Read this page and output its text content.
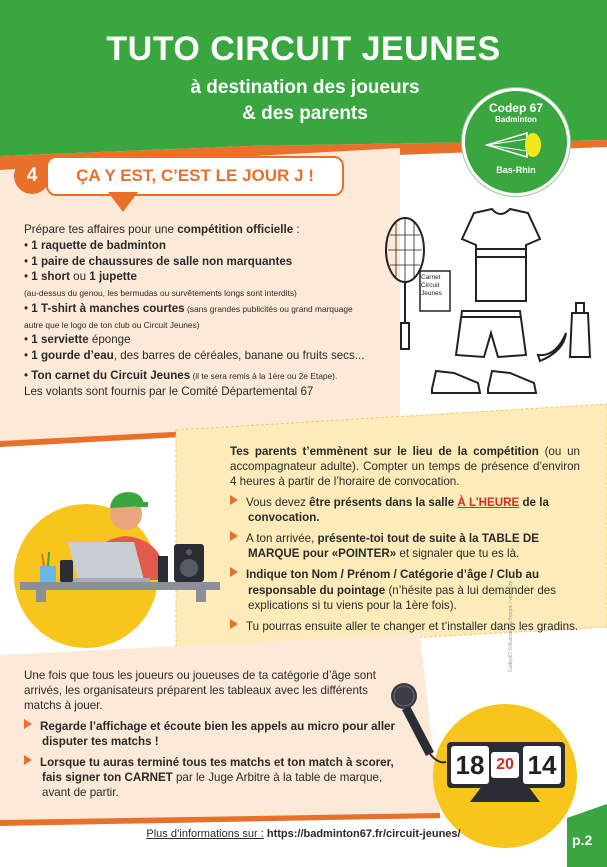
TUTO CIRCUIT JEUNES
à destination des joueurs
& des parents	Codep 67
Badminton
Bas-Rhin
4	ÇA Y EST, C’EST LE JOUR J !
Prépare tes affaires pour une compétition officielle :
• 1 raquette de badminton
• 1 paire de chaussures de salle non marquantes
• 1 short ou 1 jupette
(au-dessus du genou, les bermudas ou survêtements longs sont interdits)
• 1 T-shirt à manches courtes (sans grandes publicités ou grand marquage autre que le logo de ton club ou Circuit Jeunes)
• 1 serviette éponge
• 1 gourde d’eau, des barres de céréales, banane ou fruits secs...
• Ton carnet du Circuit Jeunes (il te sera remis à la 1ère ou 2e Etape).
Les volants sont fournis par le Comité Départemental 67
Carnet
Circuit
Jeunes
Tes parents t’emmènent sur le lieu de la compétition (ou un accompagnateur adulte). Compter un temps de présence d’environ 4 heures à partir de l’horaire de convocation.
Vous devez être présents dans la salle À L’HEURE de la convocation.
A ton arrivée, présente-toi tout de suite à la TABLE DE MARQUE pour «POINTER» et signaler que tu es là.
Indique ton Nom / Prénom / Catégorie d’âge / Club au responsable du pointage (n’hésite pas à lui demander des explications si tu viens pour la 1ère fois).
Tu pourras ensuite aller te changer et t’installer dans les gradins.
Une fois que tous les joueurs ou joueuses de ta catégorie d’âge sont arrivés, les organisateurs préparent les tableaux avec les différents matchs à jouer.
Regarde l’affichage et écoute bien les appels au micro pour aller disputer tes matchs !
Lorsque tu auras terminé tous tes matchs et ton match à scorer, fais signer ton CARNET par le Juge Arbitre à la table de marque, avant de partir.
18 20 14
Codep67 ©Illustrations freepik / vecteezy
Plus d’informations sur : https://badminton67.fr/circuit-jeunes/	p.2
